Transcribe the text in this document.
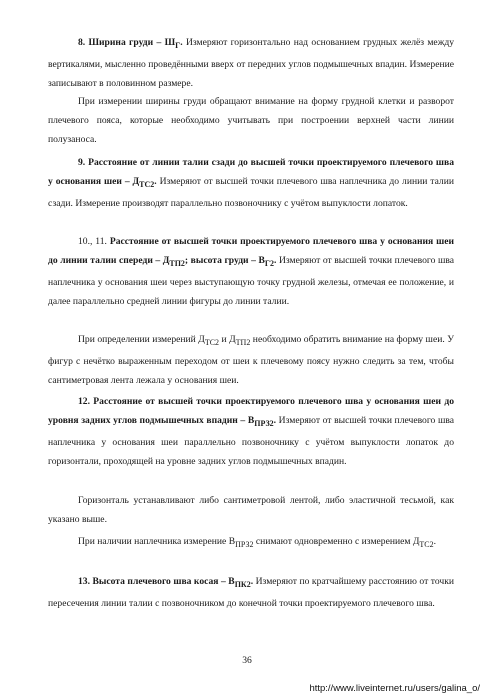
8. Ширина груди – $Ш_Г$. Измеряют горизонтально над основанием грудных желёз между вертикалями, мысленно проведёнными вверх от передних углов подмышечных впадин. Измерение записывают в половинном размере.

При измерении ширины груди обращают внимание на форму грудной клетки и разворот плечевого пояса, которые необходимо учитывать при построении верхней части линии полузаноса.

9. Расстояние от линии талии сзади до высшей точки проектируемого плечевого шва у основания шеи – $Д_{ТС2}$. Измеряют от высшей точки плечевого шва наплечника до линии талии сзади. Измерение производят параллельно позвоночнику с учётом выпуклости лопаток.

10., 11. Расстояние от высшей точки проектируемого плечевого шва у основания шеи до линии талии спереди – $Д_{ТП2}$; высота груди – $В_{Г2}$. Измеряют от высшей точки плечевого шва наплечника у основания шеи через выступающую точку грудной железы, отмечая ее положение, и далее параллельно средней линии фигуры до линии талии.

При определении измерений $Д_{ТС2}$ и $Д_{ТП2}$ необходимо обратить внимание на форму шеи. У фигур с нечётко выраженным переходом от шеи к плечевому поясу нужно следить за тем, чтобы сантиметровая лента лежала у основания шеи.

12. Расстояние от высшей точки проектируемого плечевого шва у основания шеи до уровня задних углов подмышечных впадин – $В_{ПРЗ2}$. Измеряют от высшей точки плечевого шва наплечника у основания шеи параллельно позвоночнику с учётом выпуклости лопаток до горизонтали, проходящей на уровне задних углов подмышечных впадин.

Горизонталь устанавливают либо сантиметровой лентой, либо эластичной тесьмой, как указано выше.

При наличии наплечника измерение $В_{ПРЗ2}$ снимают одновременно с измерением $Д_{ТС2}$.

13. Высота плечевого шва косая – $В_{ПК2}$. Измеряют по кратчайшему расстоянию от точки пересечения линии талии с позвоночником до конечной точки проектируемого плечевого шва.

36
http://www.liveinternet.ru/users/galina_o/
